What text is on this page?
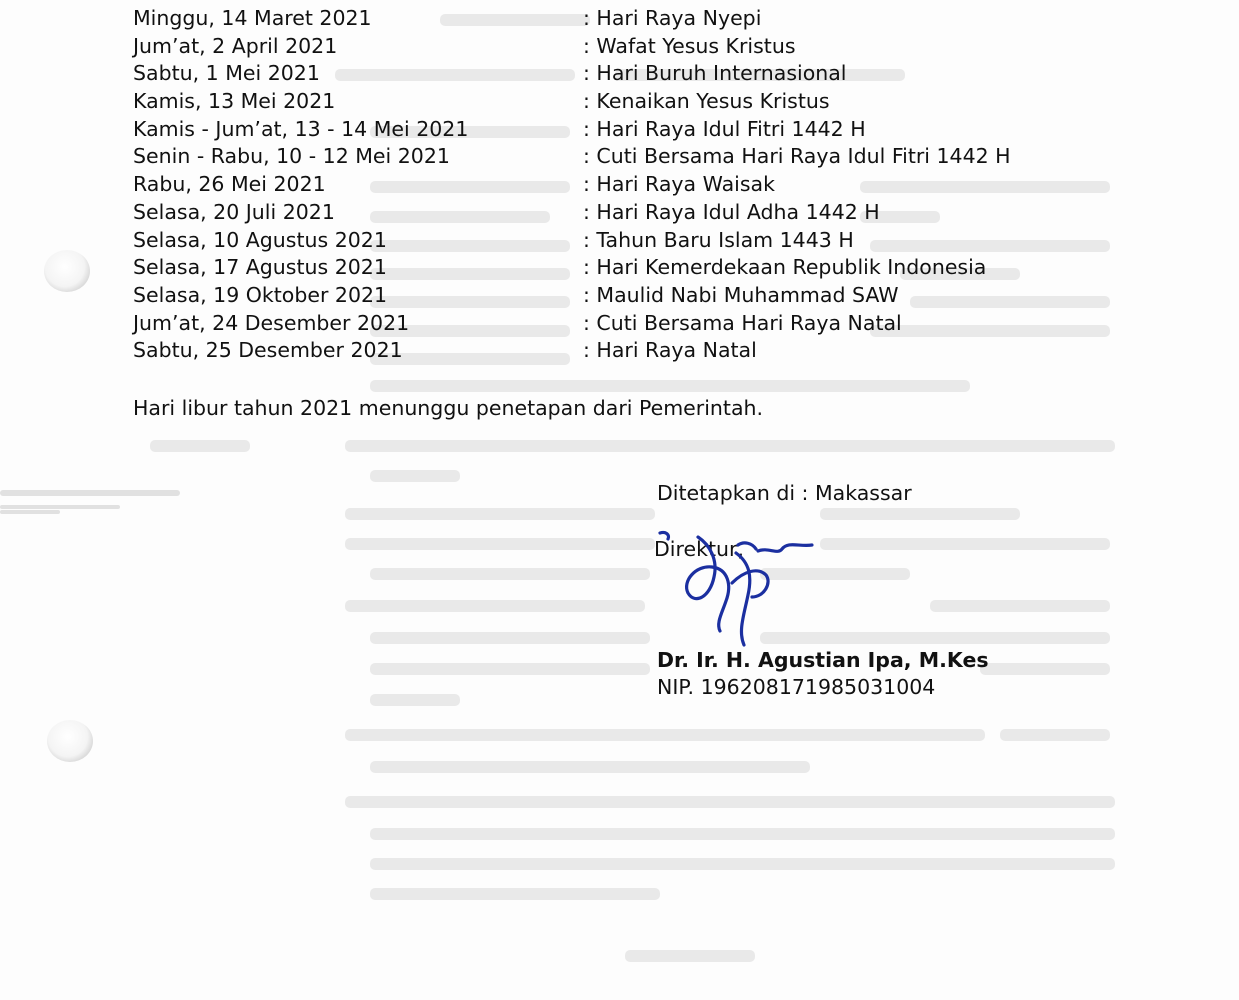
Minggu, 14 Maret 2021	: Hari Raya Nyepi
Jum’at, 2 April 2021	: Wafat Yesus Kristus
Sabtu, 1 Mei 2021	: Hari Buruh Internasional
Kamis, 13 Mei 2021	: Kenaikan Yesus Kristus
Kamis - Jum’at, 13 - 14 Mei 2021	: Hari Raya Idul Fitri 1442 H
Senin - Rabu, 10 - 12 Mei 2021	: Cuti Bersama Hari Raya Idul Fitri 1442 H
Rabu, 26 Mei 2021	: Hari Raya Waisak
Selasa, 20 Juli 2021	: Hari Raya Idul Adha 1442 H
Selasa, 10 Agustus 2021	: Tahun Baru Islam 1443 H
Selasa, 17 Agustus 2021	: Hari Kemerdekaan Republik Indonesia
Selasa, 19 Oktober 2021	: Maulid Nabi Muhammad SAW
Jum’at, 24 Desember 2021	: Cuti Bersama Hari Raya Natal
Sabtu, 25 Desember 2021	: Hari Raya Natal
Hari libur tahun 2021 menunggu penetapan dari Pemerintah.
Ditetapkan di : Makassar
Direktur,
Dr. Ir. H. Agustian Ipa, M.Kes
NIP. 196208171985031004
